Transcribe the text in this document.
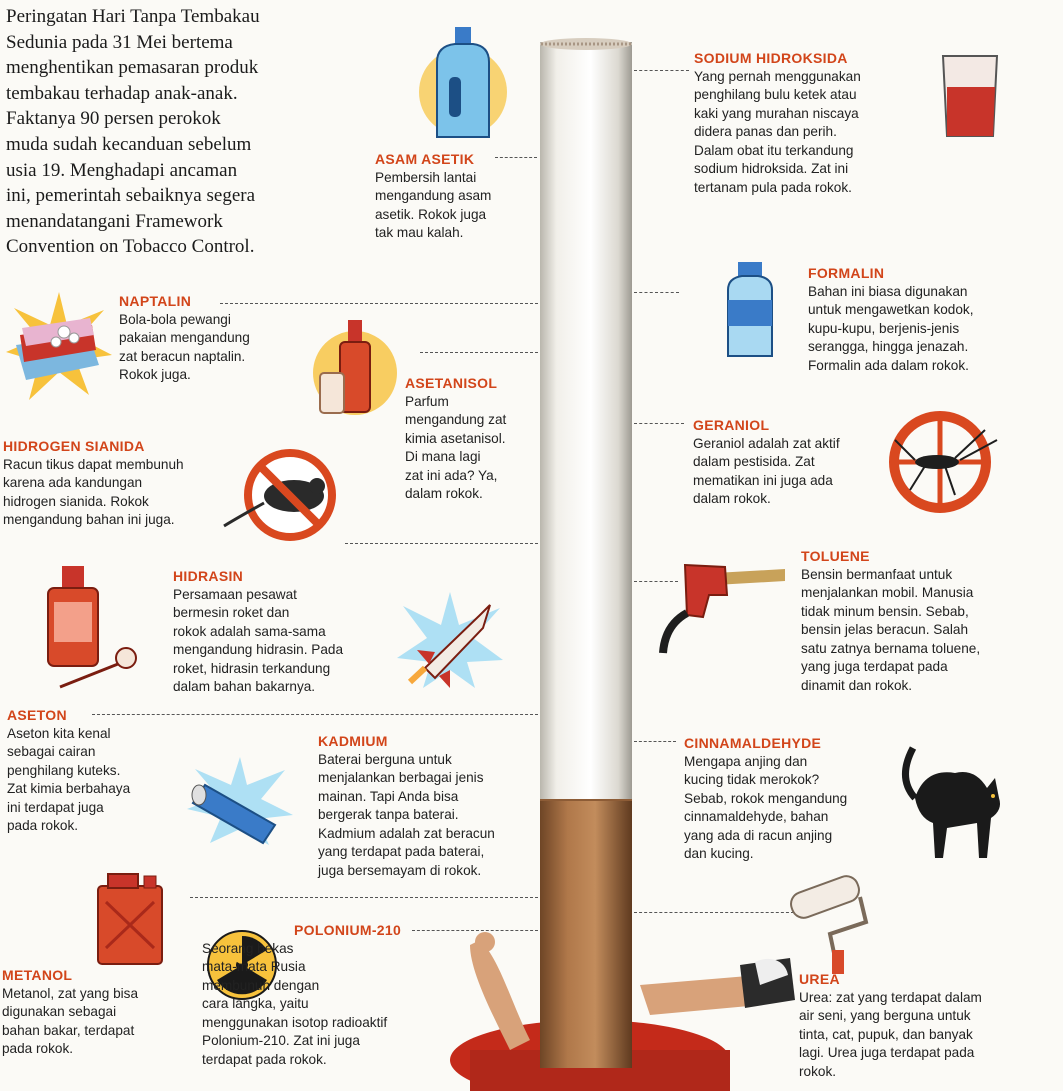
Peringatan Hari Tanpa Tembakau
Sedunia pada 31 Mei bertema
menghentikan pemasaran produk
tembakau terhadap anak-anak.
Faktanya 90 persen perokok
muda sudah kecanduan sebelum
usia 19. Menghadapi ancaman
ini, pemerintah sebaiknya segera
menandatangani Framework
Convention on Tobacco Control.
ASAM ASETIK
Pembersih lantai
mengandung asam
asetik. Rokok juga
tak mau kalah.
SODIUM HIDROKSIDA
Yang pernah menggunakan
penghilang bulu ketek atau
kaki yang murahan niscaya
didera panas dan perih.
Dalam obat itu terkandung
sodium hidroksida. Zat ini
tertanam pula pada rokok.
FORMALIN
Bahan ini biasa digunakan
untuk mengawetkan kodok,
kupu-kupu, berjenis-jenis
serangga, hingga jenazah.
Formalin ada dalam rokok.
NAPTALIN
Bola-bola pewangi
pakaian mengandung
zat beracun naptalin.
Rokok juga.
ASETANISOL
Parfum
mengandung zat
kimia asetanisol.
Di mana lagi
zat ini ada? Ya,
dalam rokok.
GERANIOL
Geraniol adalah zat aktif
dalam pestisida. Zat
mematikan ini juga ada
dalam rokok.
HIDROGEN SIANIDA
Racun tikus dapat membunuh
karena ada kandungan
hidrogen sianida. Rokok
mengandung bahan ini juga.
TOLUENE
Bensin bermanfaat untuk
menjalankan mobil. Manusia
tidak minum bensin. Sebab,
bensin jelas beracun. Salah
satu zatnya bernama toluene,
yang juga terdapat pada
dinamit dan rokok.
HIDRASIN
Persamaan pesawat
bermesin roket dan
rokok adalah sama-sama
mengandung hidrasin. Pada
roket, hidrasin terkandung
dalam bahan bakarnya.
ASETON
Aseton kita kenal
sebagai cairan
penghilang kuteks.
Zat kimia berbahaya
ini terdapat juga
pada rokok.
KADMIUM
Baterai berguna untuk
menjalankan berbagai jenis
mainan. Tapi Anda bisa
bergerak tanpa baterai.
Kadmium adalah zat beracun
yang terdapat pada baterai,
juga bersemayam di rokok.
CINNAMALDEHYDE
Mengapa anjing dan
kucing tidak merokok?
Sebab, rokok mengandung
cinnamaldehyde, bahan
yang ada di racun anjing
dan kucing.
POLONIUM-210
Seorang bekas
mata-mata Rusia
membunuh dengan
cara langka, yaitu
menggunakan isotop radioaktif
Polonium-210. Zat ini juga
terdapat pada rokok.
METANOL
Metanol, zat yang bisa
digunakan sebagai
bahan bakar, terdapat
pada rokok.
UREA
Urea: zat yang terdapat dalam
air seni, yang berguna untuk
tinta, cat, pupuk, dan banyak
lagi. Urea juga terdapat pada
rokok.
